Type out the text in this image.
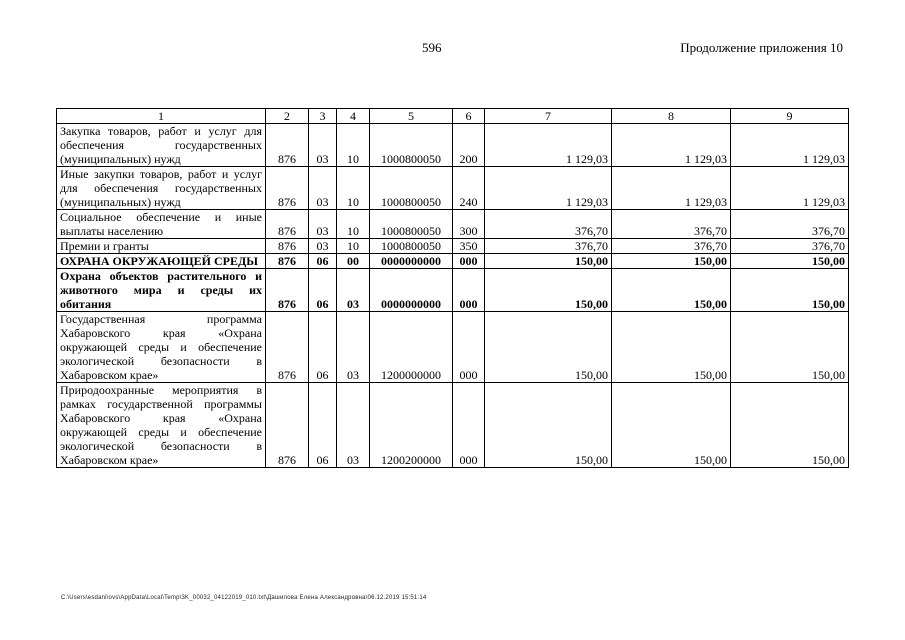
596	Продолжение приложения 10
1	2	3	4	5	6	7	8	9
Закупка товаров, работ и услуг для обеспечения государственных (муниципальных) нужд	876	03	10	1000800050	200	1 129,03	1 129,03	1 129,03
Иные закупки товаров, работ и услуг для обеспечения государственных (муниципальных) нужд	876	03	10	1000800050	240	1 129,03	1 129,03	1 129,03
Социальное обеспечение и иные выплаты населению	876	03	10	1000800050	300	376,70	376,70	376,70
Премии и гранты	876	03	10	1000800050	350	376,70	376,70	376,70
ОХРАНА ОКРУЖАЮЩЕЙ СРЕДЫ	876	06	00	0000000000	000	150,00	150,00	150,00
Охрана объектов растительного и животного мира и среды их обитания	876	06	03	0000000000	000	150,00	150,00	150,00
Государственная программа Хабаровского края «Охрана окружающей среды и обеспечение экологической безопасности в Хабаровском крае»	876	06	03	1200000000	000	150,00	150,00	150,00
Природоохранные мероприятия в рамках государственной программы Хабаровского края «Охрана окружающей среды и обеспечение экологической безопасности в Хабаровском крае»	876	06	03	1200200000	000	150,00	150,00	150,00
C:\Users\esdani\ovs\AppData\Local\Temp\3K_00032_04122019_010.txt\Дашилова Елена Александровна\06.12.2019 15:51:14
